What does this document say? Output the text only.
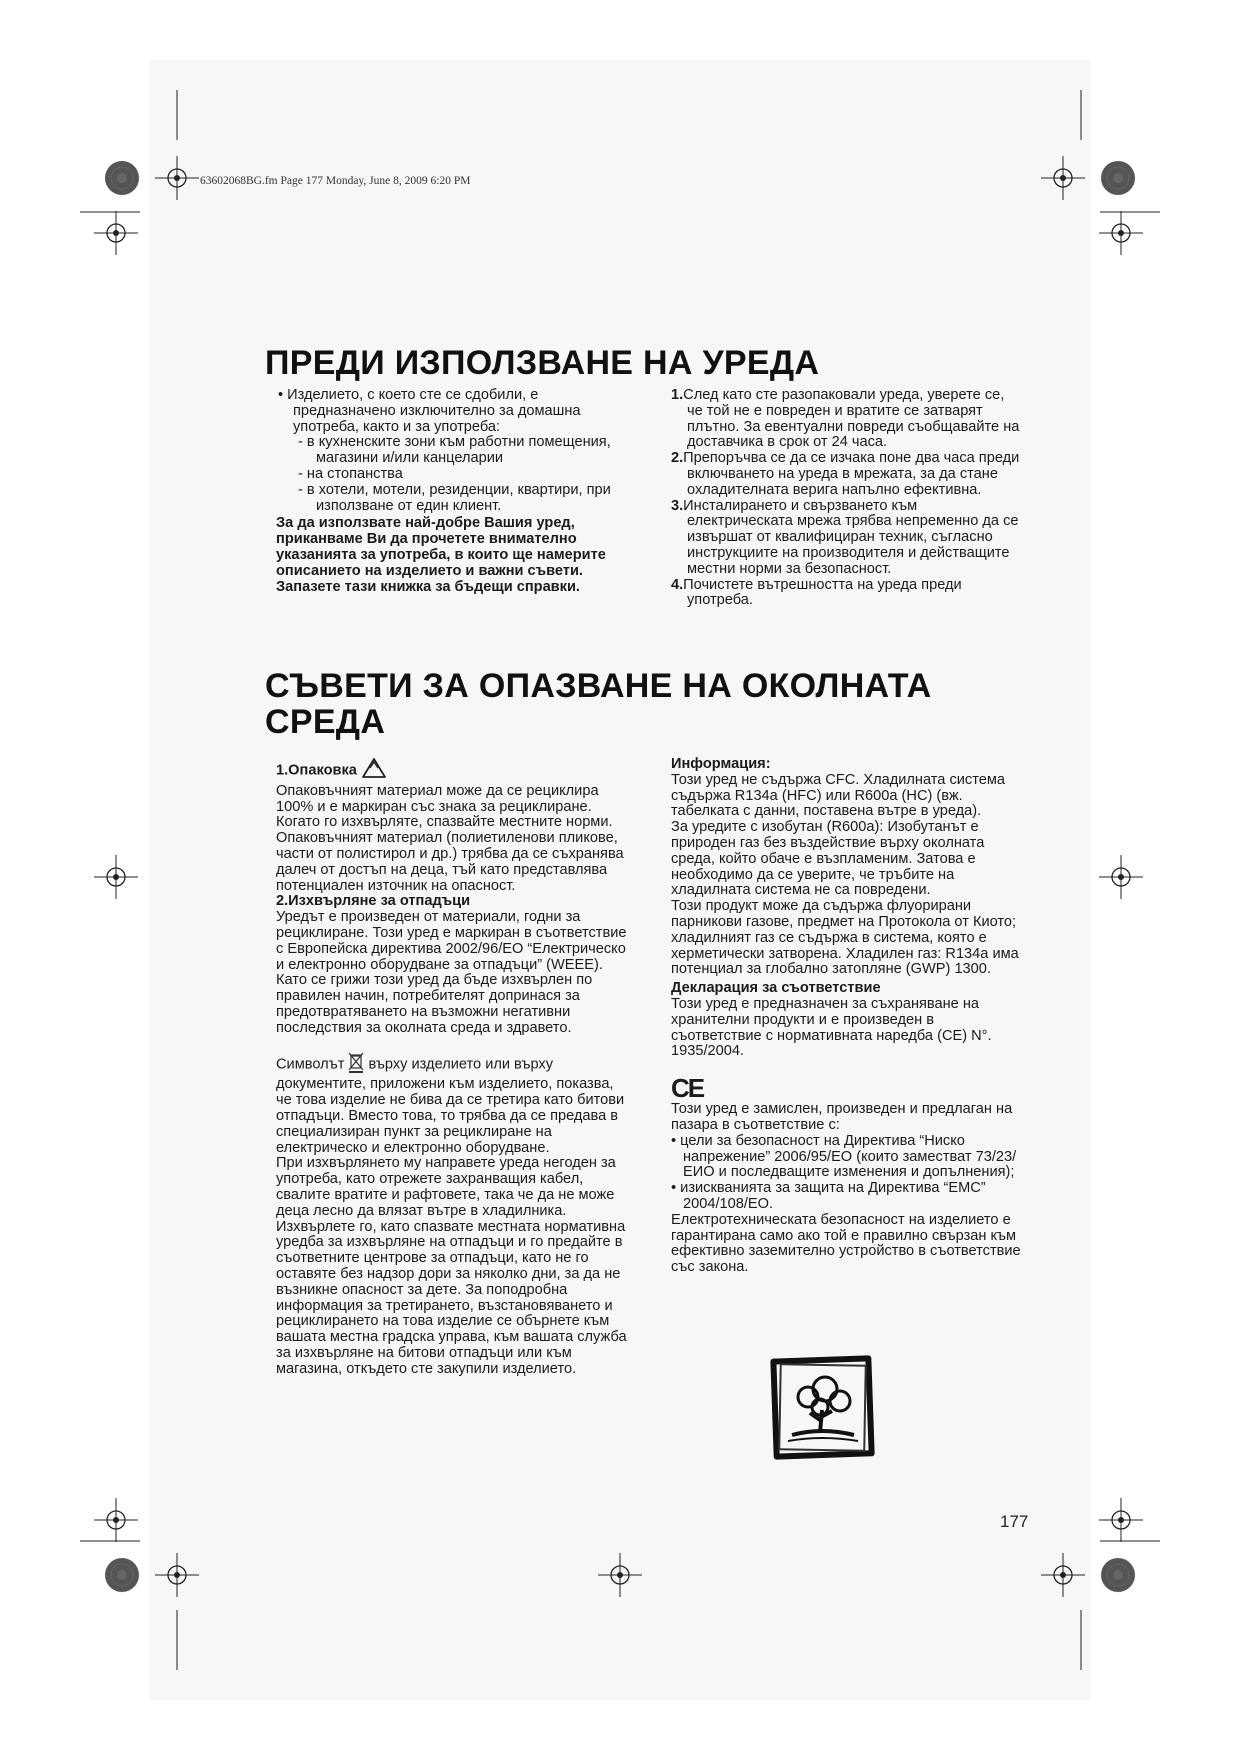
63602068BG.fm Page 177 Monday, June 8, 2009 6:20 PM
ПРЕДИ ИЗПОЛЗВАНЕ НА УРЕДА

• Изделието, с което сте се сдобили, е предназначено изключително за домашна употреба, както и за употреба:

- в кухненските зони към работни помещения, магазини и/или канцеларии

- на стопанства

- в хотели, мотели, резиденции, квартири, при използване от един клиент.

За да използвате най-добре Вашия уред, приканваме Ви да прочетете внимателно указанията за употреба, в които ще намерите описанието на изделието и важни съвети.

Запазете тази книжка за бъдещи справки.

1.След като сте разопаковали уреда, уверете се, че той не е повреден и вратите се затварят плътно. За евентуални повреди съобщавайте на доставчика в срок от 24 часа.

2.Препоръчва се да се изчака поне два часа преди включването на уреда в мрежата, за да стане охладителната верига напълно ефективна.

3.Инсталирането и свързването към електрическата мрежа трябва непременно да се извършат от квалифициран техник, съгласно инструкциите на производителя и действащите местни норми за безопасност.

4.Почистете вътрешността на уреда преди употреба.

СЪВЕТИ ЗА ОПАЗВАНЕ НА ОКОЛНАТА
СРЕДА

1.Опаковка

Опаковъчният материал може да се рециклира 100% и е маркиран със знака за рециклиране.

Когато го изхвърляте, спазвайте местните норми. Опаковъчният материал (полиетиленови пликове, части от полистирол и др.) трябва да се съхранява далеч от достъп на деца, тъй като представлява потенциален източник на опасност.

2.Изхвърляне за отпадъци

Уредът е произведен от материали, годни за рециклиране. Този уред е маркиран в съответствие с Европейска директива 2002/96/ЕО “Електрическо и електронно оборудване за отпадъци” (WEEE). Като се грижи този уред да бъде изхвърлен по правилен начин, потребителят допринася за предотвратяването на възможни негативни последствия за околната среда и здравето.

Символът  върху изделието или върху документите, приложени към изделието, показва, че това изделие не бива да се третира като битови отпадъци. Вместо това, то трябва да се предава в специализиран пункт за рециклиране на електрическо и електронно оборудване.

При изхвърлянето му направете уреда негоден за употреба, като отрежете захранващия кабел, свалите вратите и рафтовете, така че да не може деца лесно да влязат вътре в хладилника.

Изхвърлете го, като спазвате местната нормативна уредба за изхвърляне на отпадъци и го предайте в съответните центрове за отпадъци, като не го оставяте без надзор дори за няколко дни, за да не възникне опасност за дете. За поподробна информация за третирането, възстановяването и рециклирането на това изделие се обърнете към вашата местна градска управа, към вашата служба за изхвърляне на битови отпадъци или към магазина, откъдето сте закупили изделието.

Информация:

Този уред не съдържа CFC. Хладилната система съдържа R134a (HFC) или R600a (HC) (вж. табелката с данни, поставена вътре в уреда).

За уредите с изобутан (R600a): Изобутанът е природен газ без въздействие върху околната среда, който обаче е възпламеним. Затова е необходимо да се уверите, че тръбите на хладилната система не са повредени.

Този продукт може да съдържа флуорирани парникови газове, предмет на Протокола от Киото; хладилният газ се съдържа в система, която е херметически затворена. Хладилен газ: R134a има потенциал за глобално затопляне (GWP) 1300.

Декларация за съответствие

Този уред е предназначен за съхраняване на хранителни продукти и е произведен в съответствие с нормативната наредба (CE) N°. 1935/2004.

CE

Този уред е замислен, произведен и предлаган на пазара в съответствие с:

• цели за безопасност на Директива “Ниско напрежение” 2006/95/ЕО (които заместват 73/23/ЕИО и последващите изменения и допълнения);

• изискванията за защита на Директива “EMC” 2004/108/ЕО.

Електротехническата безопасност на изделието е гарантирана само ако той е правилно свързан към ефективно заземително устройство в съответствие със закона.

177
